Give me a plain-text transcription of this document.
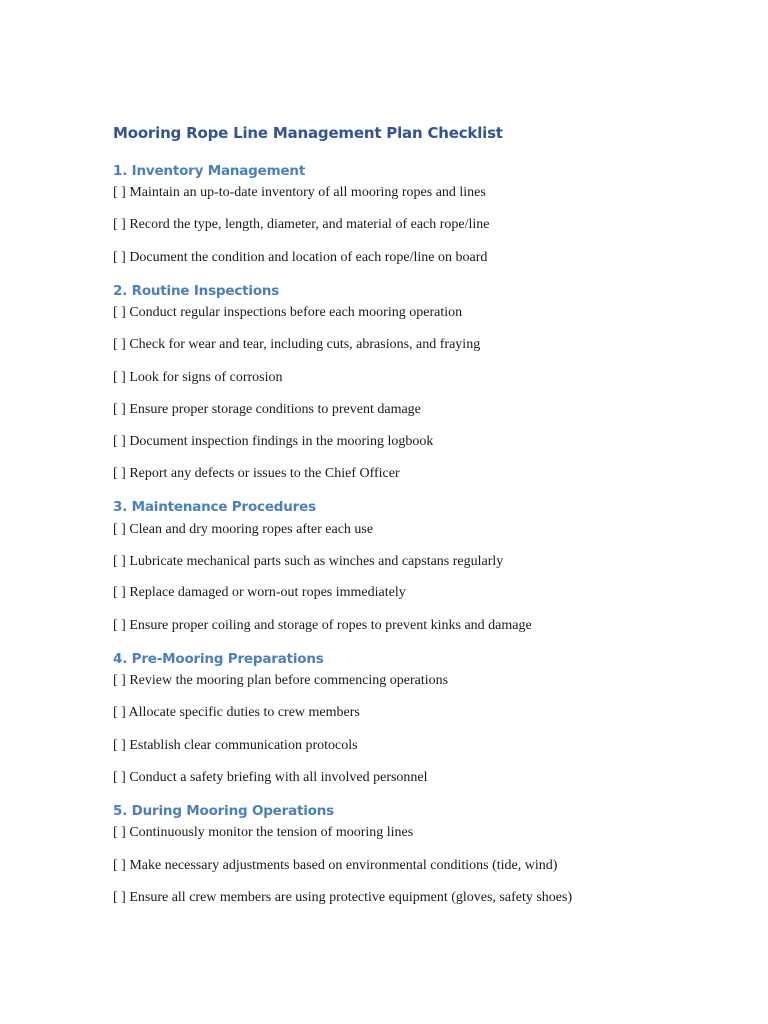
Mooring Rope Line Management Plan Checklist
1. Inventory Management

[ ] Maintain an up-to-date inventory of all mooring ropes and lines

[ ] Record the type, length, diameter, and material of each rope/line

[ ] Document the condition and location of each rope/line on board

2. Routine Inspections

[ ] Conduct regular inspections before each mooring operation

[ ] Check for wear and tear, including cuts, abrasions, and fraying

[ ] Look for signs of corrosion

[ ] Ensure proper storage conditions to prevent damage

[ ] Document inspection findings in the mooring logbook

[ ] Report any defects or issues to the Chief Officer

3. Maintenance Procedures

[ ] Clean and dry mooring ropes after each use

[ ] Lubricate mechanical parts such as winches and capstans regularly

[ ] Replace damaged or worn-out ropes immediately

[ ] Ensure proper coiling and storage of ropes to prevent kinks and damage

4. Pre-Mooring Preparations

[ ] Review the mooring plan before commencing operations

[ ] Allocate specific duties to crew members

[ ] Establish clear communication protocols

[ ] Conduct a safety briefing with all involved personnel

5. During Mooring Operations

[ ] Continuously monitor the tension of mooring lines

[ ] Make necessary adjustments based on environmental conditions (tide, wind)

[ ] Ensure all crew members are using protective equipment (gloves, safety shoes)
